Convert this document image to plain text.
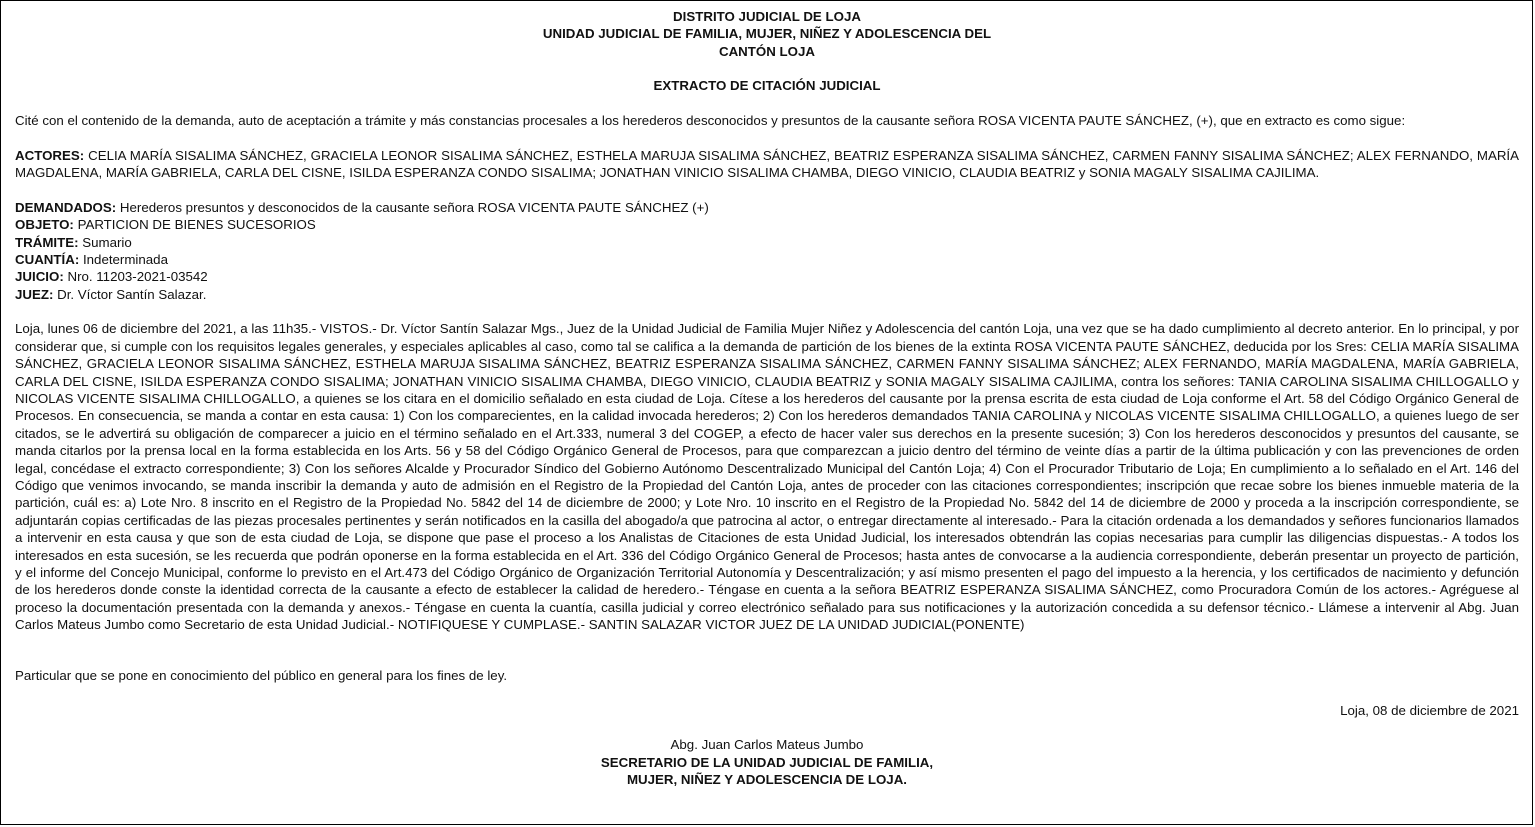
DISTRITO JUDICIAL DE LOJA

UNIDAD JUDICIAL DE FAMILIA, MUJER, NIÑEZ Y ADOLESCENCIA DEL

CANTÓN LOJA

EXTRACTO DE CITACIÓN JUDICIAL

Cité con el contenido de la demanda, auto de aceptación a trámite y más constancias procesales a los herederos desconocidos y presuntos de la causante señora ROSA VICENTA PAUTE SÁNCHEZ, (+), que en extracto es como sigue:

ACTORES: CELIA MARÍA SISALIMA SÁNCHEZ, GRACIELA LEONOR SISALIMA SÁNCHEZ, ESTHELA MARUJA SISALIMA SÁNCHEZ, BEATRIZ ESPERANZA SISALIMA SÁNCHEZ, CARMEN FANNY SISALIMA SÁNCHEZ; ALEX FERNANDO, MARÍA MAGDALENA, MARÍA GABRIELA, CARLA DEL CISNE, ISILDA ESPERANZA CONDO SISALIMA; JONATHAN VINICIO SISALIMA CHAMBA, DIEGO VINICIO, CLAUDIA BEATRIZ y SONIA MAGALY SISALIMA CAJILIMA.

DEMANDADOS: Herederos presuntos y desconocidos de la causante señora ROSA VICENTA PAUTE SÁNCHEZ (+)

OBJETO: PARTICION DE BIENES SUCESORIOS

TRÁMITE: Sumario

CUANTÍA: Indeterminada

JUICIO: Nro. 11203-2021-03542

JUEZ: Dr. Víctor Santín Salazar.

Loja, lunes 06 de diciembre del 2021, a las 11h35.- VISTOS.- Dr. Víctor Santín Salazar Mgs., Juez de la Unidad Judicial de Familia Mujer Niñez y Adolescencia del cantón Loja, una vez que se ha dado cumplimiento al decreto anterior. En lo principal, y por considerar que, si cumple con los requisitos legales generales, y especiales aplicables al caso, como tal se califica a la demanda de partición de los bienes de la extinta ROSA VICENTA PAUTE SÁNCHEZ, deducida por los Sres: CELIA MARÍA SISALIMA SÁNCHEZ, GRACIELA LEONOR SISALIMA SÁNCHEZ, ESTHELA MARUJA SISALIMA SÁNCHEZ, BEATRIZ ESPERANZA SISALIMA SÁNCHEZ, CARMEN FANNY SISALIMA SÁNCHEZ; ALEX FERNANDO, MARÍA MAGDALENA, MARÍA GABRIELA, CARLA DEL CISNE, ISILDA ESPERANZA CONDO SISALIMA; JONATHAN VINICIO SISALIMA CHAMBA, DIEGO VINICIO, CLAUDIA BEATRIZ y SONIA MAGALY SISALIMA CAJILIMA, contra los señores: TANIA CAROLINA SISALIMA CHILLOGALLO y NICOLAS VICENTE SISALIMA CHILLOGALLO, a quienes se los citara en el domicilio señalado en esta ciudad de Loja. Cítese a los herederos del causante por la prensa escrita de esta ciudad de Loja conforme el Art. 58 del Código Orgánico General de Procesos. En consecuencia, se manda a contar en esta causa: 1) Con los comparecientes, en la calidad invocada herederos; 2) Con los herederos demandados TANIA CAROLINA y NICOLAS VICENTE SISALIMA CHILLOGALLO, a quienes luego de ser citados, se le advertirá su obligación de comparecer a juicio en el término señalado en el Art.333, numeral 3 del COGEP, a efecto de hacer valer sus derechos en la presente sucesión; 3) Con los herederos desconocidos y presuntos del causante, se manda citarlos por la prensa local en la forma establecida en los Arts. 56 y 58 del Código Orgánico General de Procesos, para que comparezcan a juicio dentro del término de veinte días a partir de la última publicación y con las prevenciones de orden legal, concédase el extracto correspondiente; 3) Con los señores Alcalde y Procurador Síndico del Gobierno Autónomo Descentralizado Municipal del Cantón Loja; 4) Con el Procurador Tributario de Loja; En cumplimiento a lo señalado en el Art. 146 del Código que venimos invocando, se manda inscribir la demanda y auto de admisión en el Registro de la Propiedad del Cantón Loja, antes de proceder con las citaciones correspondientes; inscripción que recae sobre los bienes inmueble materia de la partición, cuál es: a) Lote Nro. 8 inscrito en el Registro de la Propiedad No. 5842 del 14 de diciembre de 2000; y Lote Nro. 10 inscrito en el Registro de la Propiedad No. 5842 del 14 de diciembre de 2000 y proceda a la inscripción correspondiente, se adjuntarán copias certificadas de las piezas procesales pertinentes y serán notificados en la casilla del abogado/a que patrocina al actor, o entregar directamente al interesado.- Para la citación ordenada a los demandados y señores funcionarios llamados a intervenir en esta causa y que son de esta ciudad de Loja, se dispone que pase el proceso a los Analistas de Citaciones de esta Unidad Judicial, los interesados obtendrán las copias necesarias para cumplir las diligencias dispuestas.- A todos los interesados en esta sucesión, se les recuerda que podrán oponerse en la forma establecida en el Art. 336 del Código Orgánico General de Procesos; hasta antes de convocarse a la audiencia correspondiente, deberán presentar un proyecto de partición, y el informe del Concejo Municipal, conforme lo previsto en el Art.473 del Código Orgánico de Organización Territorial Autonomía y Descentralización; y así mismo presenten el pago del impuesto a la herencia, y los certificados de nacimiento y defunción de los herederos donde conste la identidad correcta de la causante a efecto de establecer la calidad de heredero.- Téngase en cuenta a la señora BEATRIZ ESPERANZA SISALIMA SÁNCHEZ, como Procuradora Común de los actores.- Agréguese al proceso la documentación presentada con la demanda y anexos.- Téngase en cuenta la cuantía, casilla judicial y correo electrónico señalado para sus notificaciones y la autorización concedida a su defensor técnico.- Llámese a intervenir al Abg. Juan Carlos Mateus Jumbo como Secretario de esta Unidad Judicial.- NOTIFIQUESE Y CUMPLASE.- SANTIN SALAZAR VICTOR JUEZ DE LA UNIDAD JUDICIAL(PONENTE)

Particular que se pone en conocimiento del público en general para los fines de ley.

Loja, 08 de diciembre de 2021

Abg. Juan Carlos Mateus Jumbo

SECRETARIO DE LA UNIDAD JUDICIAL DE FAMILIA,

MUJER, NIÑEZ Y ADOLESCENCIA DE LOJA.
